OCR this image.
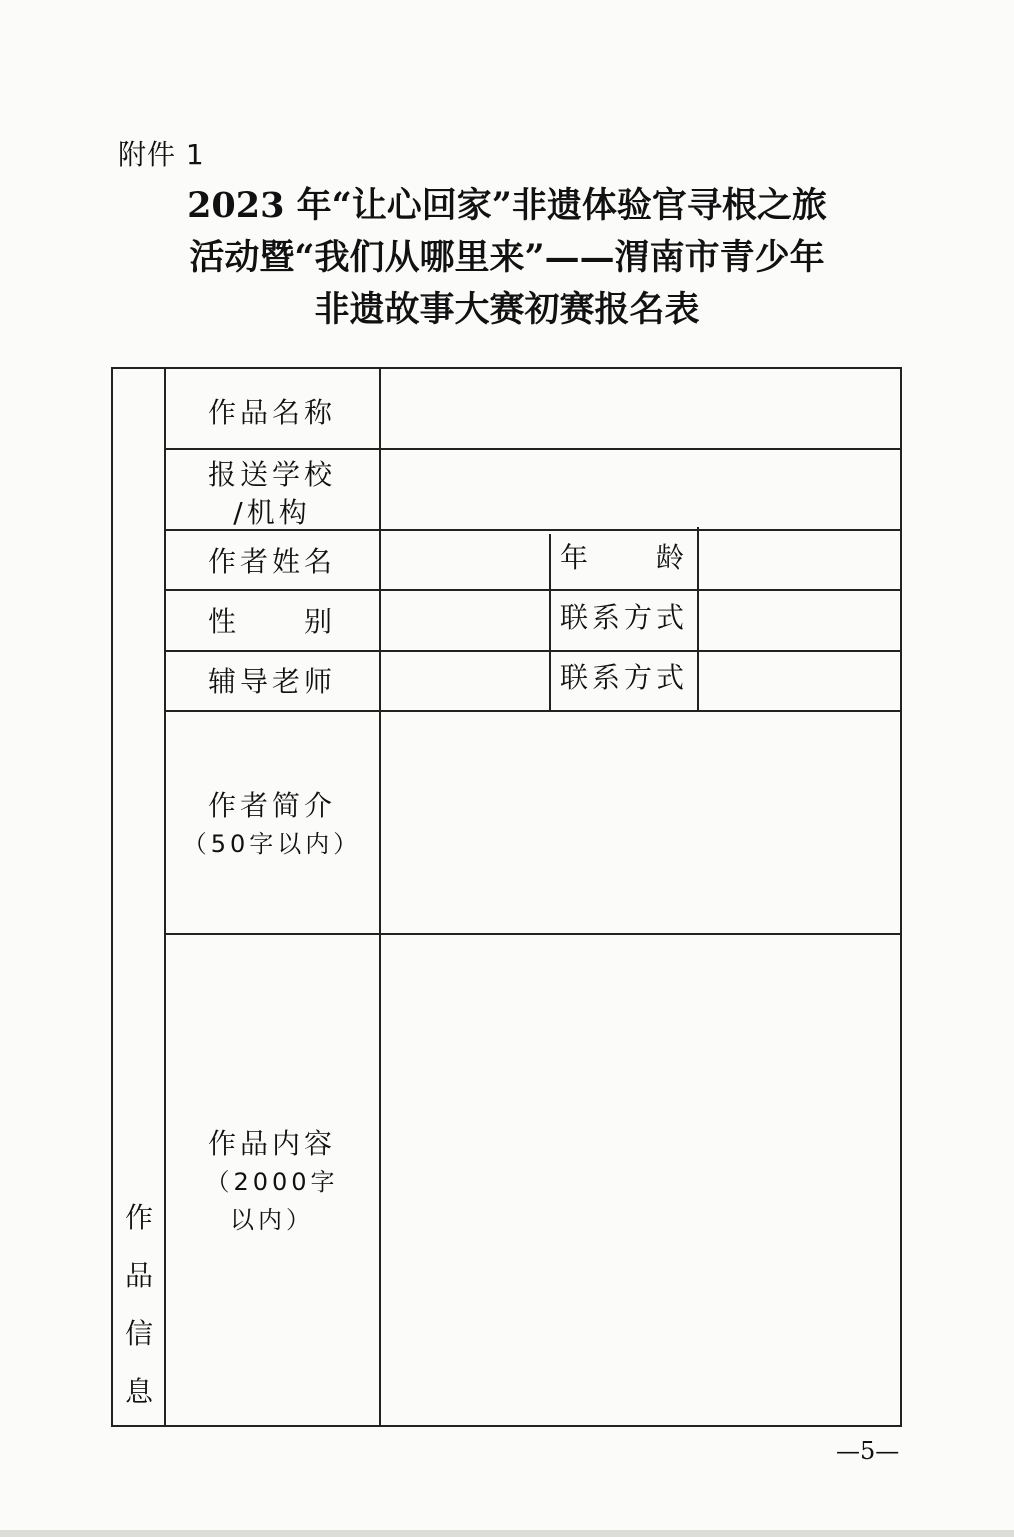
附件 1
2023 年“让心回家”非遗体验官寻根之旅
活动暨“我们从哪里来”——渭南市青少年
非遗故事大赛初赛报名表
作
品
信
息
作品名称
报送学校
/机构
作者姓名	年　　龄
性　　别	联系方式
辅导老师	联系方式
作者简介
（50字以内）
作品内容
（2000字
以内）
—5—
